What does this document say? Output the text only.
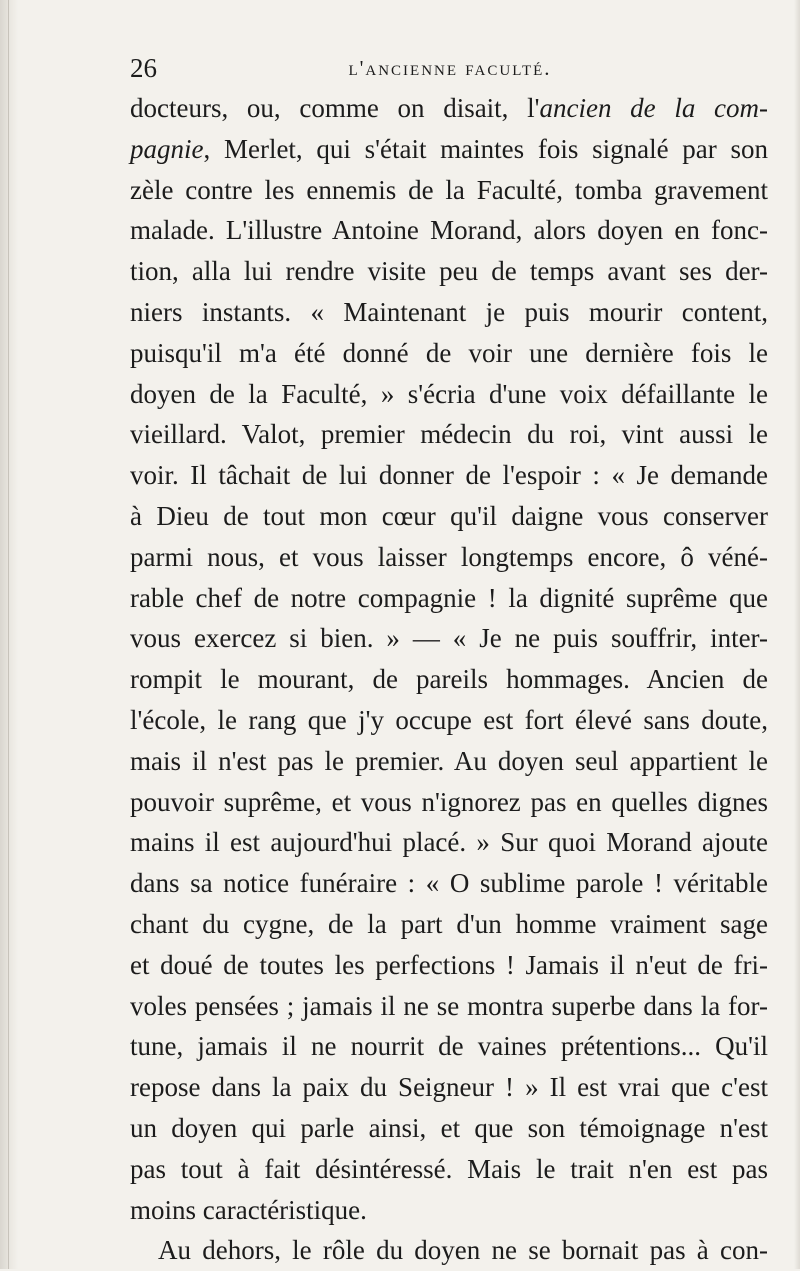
26	l'ancienne faculté.
docteurs, ou, comme on disait, l'ancien de la com-
pagnie, Merlet, qui s'était maintes fois signalé par son
zèle contre les ennemis de la Faculté, tomba gravement
malade. L'illustre Antoine Morand, alors doyen en fonc-
tion, alla lui rendre visite peu de temps avant ses der-
niers instants. « Maintenant je puis mourir content,
puisqu'il m'a été donné de voir une dernière fois le
doyen de la Faculté, » s'écria d'une voix défaillante le
vieillard. Valot, premier médecin du roi, vint aussi le
voir. Il tâchait de lui donner de l'espoir : « Je demande
à Dieu de tout mon cœur qu'il daigne vous conserver
parmi nous, et vous laisser longtemps encore, ô véné-
rable chef de notre compagnie ! la dignité suprême que
vous exercez si bien. » — « Je ne puis souffrir, inter-
rompit le mourant, de pareils hommages. Ancien de
l'école, le rang que j'y occupe est fort élevé sans doute,
mais il n'est pas le premier. Au doyen seul appartient le
pouvoir suprême, et vous n'ignorez pas en quelles dignes
mains il est aujourd'hui placé. » Sur quoi Morand ajoute
dans sa notice funéraire : « O sublime parole ! véritable
chant du cygne, de la part d'un homme vraiment sage
et doué de toutes les perfections ! Jamais il n'eut de fri-
voles pensées ; jamais il ne se montra superbe dans la for-
tune, jamais il ne nourrit de vaines prétentions... Qu'il
repose dans la paix du Seigneur ! » Il est vrai que c'est
un doyen qui parle ainsi, et que son témoignage n'est
pas tout à fait désintéressé. Mais le trait n'en est pas
moins caractéristique.
Au dehors, le rôle du doyen ne se bornait pas à con-
